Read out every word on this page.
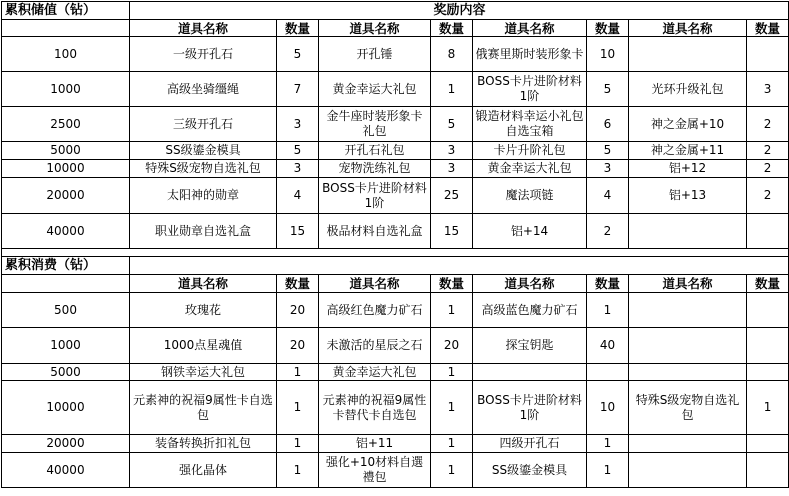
累积储值（钻）	奖励内容							
	道具名称	数量	道具名称	数量	道具名称	数量	道具名称	数量
100	一级开孔石	5	开孔锤	8	俄赛里斯时装形象卡	10		
1000	高级坐骑缰绳	7	黄金幸运大礼包	1	BOSS卡片进阶材料1阶	5	光环升级礼包	3
2500	三级开孔石	3	金牛座时装形象卡礼包	5	锻造材料幸运小礼包自选宝箱	6	神之金属+10	2
5000	SS级鎏金模具	5	开孔石礼包	3	卡片升阶礼包	5	神之金属+11	2
10000	特殊S级宠物自选礼包	3	宠物洗练礼包	3	黄金幸运大礼包	3	铝+12	2
20000	太阳神的勋章	4	BOSS卡片进阶材料1阶	25	魔法项链	4	铝+13	2
40000	职业勋章自选礼盒	15	极品材料自选礼盒	15	铝+14	2		

累积消费（钻）								
	道具名称	数量	道具名称	数量	道具名称	数量	道具名称	数量
500	玫瑰花	20	高级红色魔力矿石	1	高级蓝色魔力矿石	1		
1000	1000点星魂值	20	未激活的星辰之石	20	探宝钥匙	40		
5000	钢铁幸运大礼包	1	黄金幸运大礼包	1				
10000	元素神的祝福9属性卡自选包	1	元素神的祝福9属性卡替代卡自选包	1	BOSS卡片进阶材料1阶	10	特殊S级宠物自选礼包	1
20000	装备转换折扣礼包	1	铝+11	1	四级开孔石	1		
40000	强化晶体	1	强化+10材料自選禮包	1	SS级鎏金模具	1		
